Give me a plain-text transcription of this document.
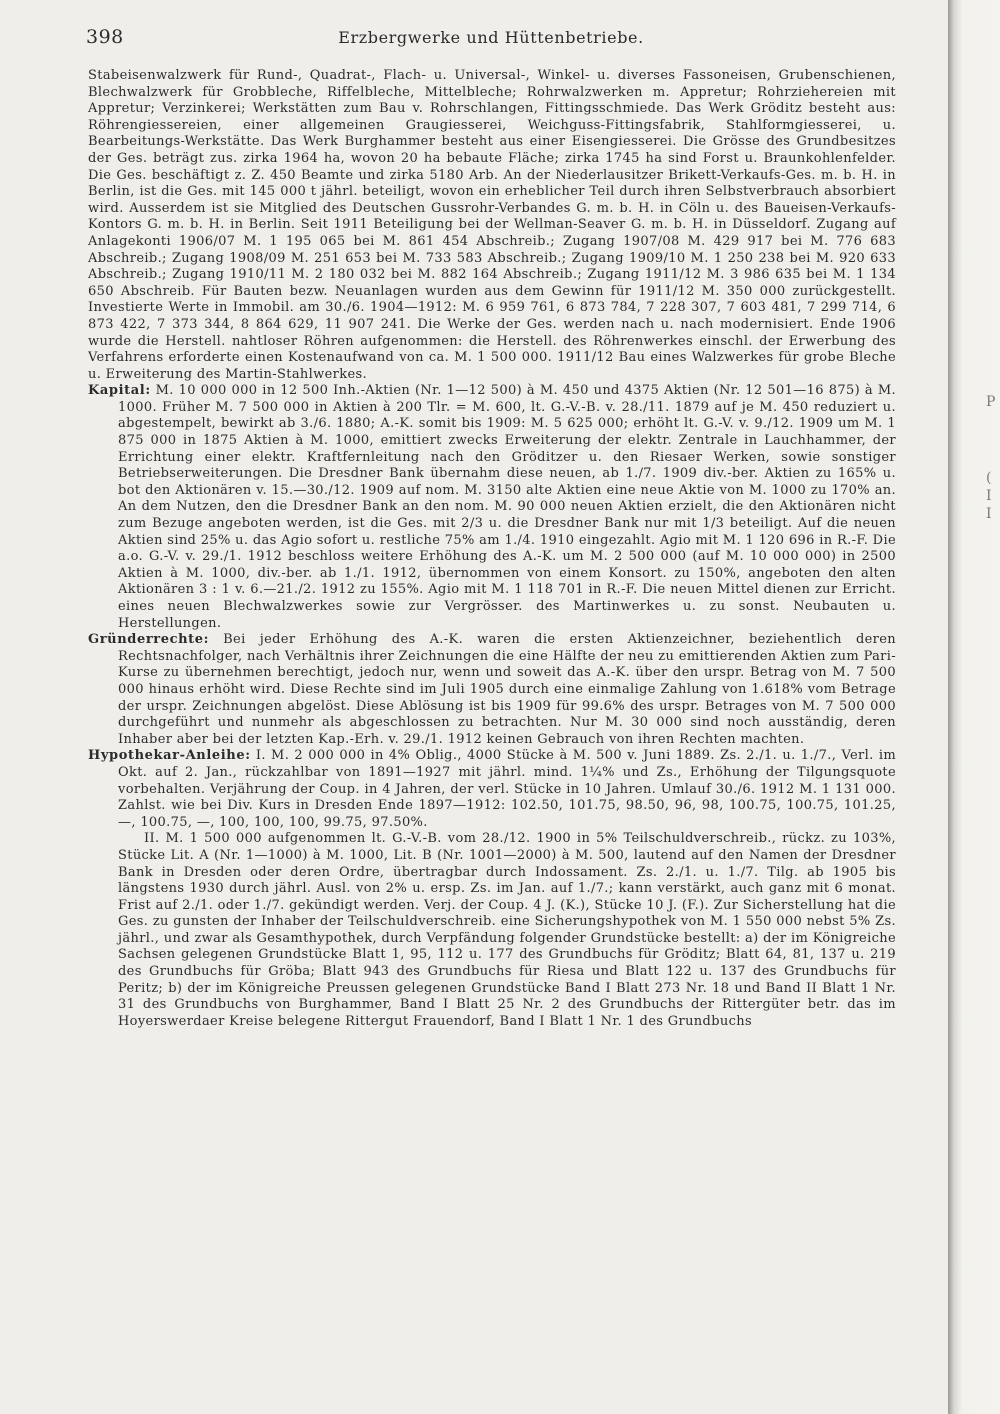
398	Erzbergwerke und Hüttenbetriebe.

Stabeisenwalzwerk für Rund-, Quadrat-, Flach- u. Universal-, Winkel- u. diverses Fassoneisen, Grubenschienen, Blechwalzwerk für Grobbleche, Riffelbleche, Mittelbleche; Rohrwalzwerken m. Appretur; Rohrziehereien mit Appretur; Verzinkerei; Werkstätten zum Bau v. Rohrschlangen, Fittingsschmiede. Das Werk Gröditz besteht aus: Röhrengiessereien, einer allgemeinen Graugiesserei, Weichguss-Fittingsfabrik, Stahlformgiesserei, u. Bearbeitungs-Werkstätte. Das Werk Burghammer besteht aus einer Eisengiesserei. Die Grösse des Grundbesitzes der Ges. beträgt zus. zirka 1964 ha, wovon 20 ha bebaute Fläche; zirka 1745 ha sind Forst u. Braunkohlenfelder. Die Ges. beschäftigt z. Z. 450 Beamte und zirka 5180 Arb. An der Niederlausitzer Brikett-Verkaufs-Ges. m. b. H. in Berlin, ist die Ges. mit 145 000 t jährl. beteiligt, wovon ein erheblicher Teil durch ihren Selbstverbrauch absorbiert wird. Ausserdem ist sie Mitglied des Deutschen Gussrohr-Verbandes G. m. b. H. in Cöln u. des Baueisen-Verkaufs-Kontors G. m. b. H. in Berlin. Seit 1911 Beteiligung bei der Wellman-Seaver G. m. b. H. in Düsseldorf. Zugang auf Anlagekonti 1906/07 M. 1 195 065 bei M. 861 454 Abschreib.; Zugang 1907/08 M. 429 917 bei M. 776 683 Abschreib.; Zugang 1908/09 M. 251 653 bei M. 733 583 Abschreib.; Zugang 1909/10 M. 1 250 238 bei M. 920 633 Abschreib.; Zugang 1910/11 M. 2 180 032 bei M. 882 164 Abschreib.; Zugang 1911/12 M. 3 986 635 bei M. 1 134 650 Abschreib. Für Bauten bezw. Neuanlagen wurden aus dem Gewinn für 1911/12 M. 350 000 zurückgestellt. Investierte Werte in Immobil. am 30./6. 1904—1912: M. 6 959 761, 6 873 784, 7 228 307, 7 603 481, 7 299 714, 6 873 422, 7 373 344, 8 864 629, 11 907 241. Die Werke der Ges. werden nach u. nach modernisiert. Ende 1906 wurde die Herstell. nahtloser Röhren aufgenommen: die Herstell. des Röhrenwerkes einschl. der Erwerbung des Verfahrens erforderte einen Kostenaufwand von ca. M. 1 500 000. 1911/12 Bau eines Walzwerkes für grobe Bleche u. Erweiterung des Martin-Stahlwerkes.

Kapital: M. 10 000 000 in 12 500 Inh.-Aktien (Nr. 1—12 500) à M. 450 und 4375 Aktien (Nr. 12 501—16 875) à M. 1000. Früher M. 7 500 000 in Aktien à 200 Tlr. = M. 600, lt. G.-V.-B. v. 28./11. 1879 auf je M. 450 reduziert u. abgestempelt, bewirkt ab 3./6. 1880; A.-K. somit bis 1909: M. 5 625 000; erhöht lt. G.-V. v. 9./12. 1909 um M. 1 875 000 in 1875 Aktien à M. 1000, emittiert zwecks Erweiterung der elektr. Zentrale in Lauchhammer, der Errichtung einer elektr. Kraftfernleitung nach den Gröditzer u. den Riesaer Werken, sowie sonstiger Betriebserweiterungen. Die Dresdner Bank übernahm diese neuen, ab 1./7. 1909 div.-ber. Aktien zu 165% u. bot den Aktionären v. 15.—30./12. 1909 auf nom. M. 3150 alte Aktien eine neue Aktie von M. 1000 zu 170% an. An dem Nutzen, den die Dresdner Bank an den nom. M. 90 000 neuen Aktien erzielt, die den Aktionären nicht zum Bezuge angeboten werden, ist die Ges. mit 2/3 u. die Dresdner Bank nur mit 1/3 beteiligt. Auf die neuen Aktien sind 25% u. das Agio sofort u. restliche 75% am 1./4. 1910 eingezahlt. Agio mit M. 1 120 696 in R.-F. Die a.o. G.-V. v. 29./1. 1912 beschloss weitere Erhöhung des A.-K. um M. 2 500 000 (auf M. 10 000 000) in 2500 Aktien à M. 1000, div.-ber. ab 1./1. 1912, übernommen von einem Konsort. zu 150%, angeboten den alten Aktionären 3 : 1 v. 6.—21./2. 1912 zu 155%. Agio mit M. 1 118 701 in R.-F. Die neuen Mittel dienen zur Erricht. eines neuen Blechwalzwerkes sowie zur Vergrösser. des Martinwerkes u. zu sonst. Neubauten u. Herstellungen.

Gründerrechte: Bei jeder Erhöhung des A.-K. waren die ersten Aktienzeichner, beziehentlich deren Rechtsnachfolger, nach Verhältnis ihrer Zeichnungen die eine Hälfte der neu zu emittierenden Aktien zum Pari-Kurse zu übernehmen berechtigt, jedoch nur, wenn und soweit das A.-K. über den urspr. Betrag von M. 7 500 000 hinaus erhöht wird. Diese Rechte sind im Juli 1905 durch eine einmalige Zahlung von 1.618% vom Betrage der urspr. Zeichnungen abgelöst. Diese Ablösung ist bis 1909 für 99.6% des urspr. Betrages von M. 7 500 000 durchgeführt und nunmehr als abgeschlossen zu betrachten. Nur M. 30 000 sind noch ausständig, deren Inhaber aber bei der letzten Kap.-Erh. v. 29./1. 1912 keinen Gebrauch von ihren Rechten machten.

Hypothekar-Anleihe: I. M. 2 000 000 in 4% Oblig., 4000 Stücke à M. 500 v. Juni 1889. Zs. 2./1. u. 1./7., Verl. im Okt. auf 2. Jan., rückzahlbar von 1891—1927 mit jährl. mind. 1¼% und Zs., Erhöhung der Tilgungsquote vorbehalten. Verjährung der Coup. in 4 Jahren, der verl. Stücke in 10 Jahren. Umlauf 30./6. 1912 M. 1 131 000. Zahlst. wie bei Div. Kurs in Dresden Ende 1897—1912: 102.50, 101.75, 98.50, 96, 98, 100.75, 100.75, 101.25, —, 100.75, —, 100, 100, 100, 99.75, 97.50%.

II. M. 1 500 000 aufgenommen lt. G.-V.-B. vom 28./12. 1900 in 5% Teilschuldverschreib., rückz. zu 103%, Stücke Lit. A (Nr. 1—1000) à M. 1000, Lit. B (Nr. 1001—2000) à M. 500, lautend auf den Namen der Dresdner Bank in Dresden oder deren Ordre, übertragbar durch Indossament. Zs. 2./1. u. 1./7. Tilg. ab 1905 bis längstens 1930 durch jährl. Ausl. von 2% u. ersp. Zs. im Jan. auf 1./7.; kann verstärkt, auch ganz mit 6 monat. Frist auf 2./1. oder 1./7. gekündigt werden. Verj. der Coup. 4 J. (K.), Stücke 10 J. (F.). Zur Sicherstellung hat die Ges. zu gunsten der Inhaber der Teilschuldverschreib. eine Sicherungshypothek von M. 1 550 000 nebst 5% Zs. jährl., und zwar als Gesamthypothek, durch Verpfändung folgender Grundstücke bestellt: a) der im Königreiche Sachsen gelegenen Grundstücke Blatt 1, 95, 112 u. 177 des Grundbuchs für Gröditz; Blatt 64, 81, 137 u. 219 des Grundbuchs für Gröba; Blatt 943 des Grundbuchs für Riesa und Blatt 122 u. 137 des Grundbuchs für Peritz; b) der im Königreiche Preussen gelegenen Grundstücke Band I Blatt 273 Nr. 18 und Band II Blatt 1 Nr. 31 des Grundbuchs von Burghammer, Band I Blatt 25 Nr. 2 des Grundbuchs der Rittergüter betr. das im Hoyerswerdaer Kreise belegene Rittergut Frauendorf, Band I Blatt 1 Nr. 1 des Grundbuchs

P
(
I
I
